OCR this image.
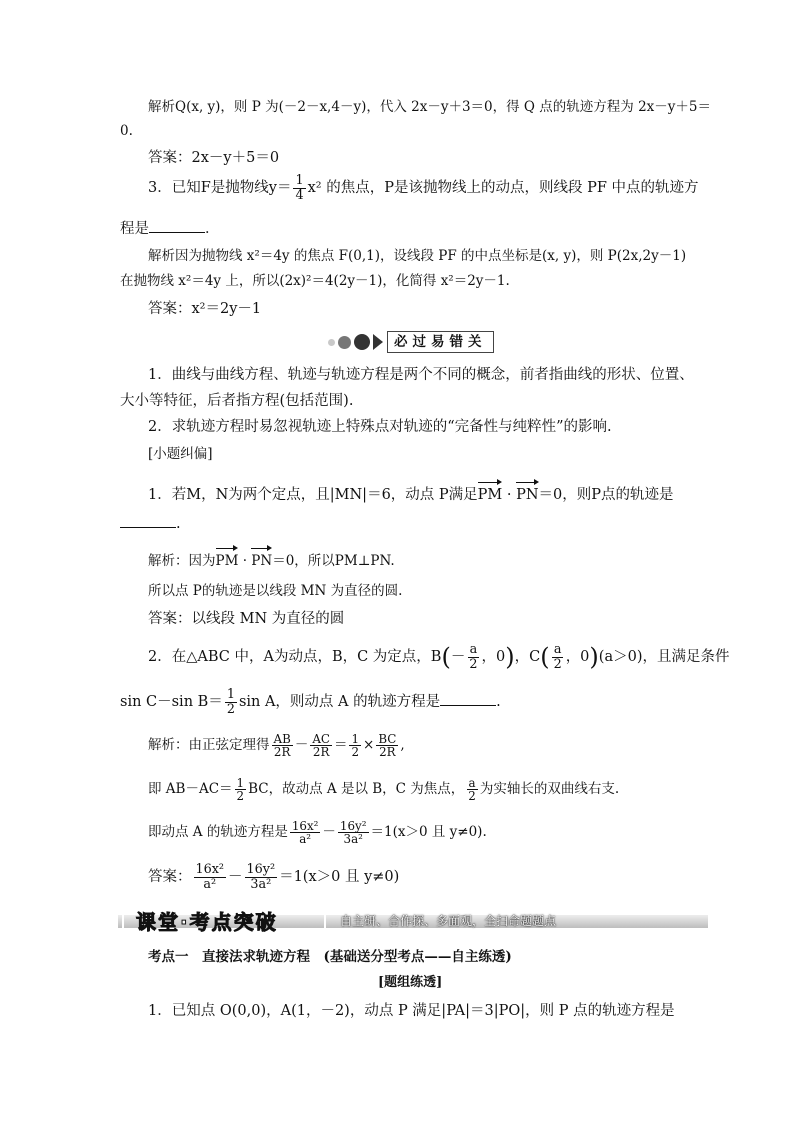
解析Q(x, y)，则 P 为(－2－x,4－y)，代入 2x－y＋3＝0，得 Q 点的轨迹方程为 2x－y＋5＝
0.
答案：2x－y＋5＝0
3．已知F是抛物线$y= \frac{1}{4} x^2$ 的焦点，P是该抛物线上的动点，则线段 PF 中点的轨迹方
程是	．
解析因为抛物线 x²＝4y 的焦点 F(0,1)，设线段 PF 的中点坐标是(x, y)，则 P(2x,2y－1)
在抛物线 x²＝4y 上，所以(2x)²＝4(2y－1)，化简得 x²＝2y－1.
答案：x²＝2y－1
必过易错关
1．曲线与曲线方程、轨迹与轨迹方程是两个不同的概念，前者指曲线的形状、位置、
大小等特征，后者指方程(包括范围).
2．求轨迹方程时易忽视轨迹上特殊点对轨迹的“完备性与纯粹性”的影响.
[小题纠偏]
1．若M，N为两个定点，且|MN|＝6，动点 P满足PM · PN＝0，则P点的轨迹是
.
解析：因为PM · PN＝0，所以PM⊥PN.
所以点 P的轨迹是以线段 MN 为直径的圆.
答案：以线段 MN 为直径的圆
2．在△ABC 中，A为动点，B，C 为定点，$B(- \frac{a}{2}$ ，0)，$C( \frac{a}{2}$ ，0)(a＞0)，且满足条件
sin C－sin $B= \frac{1}{2}$ sin A，则动点 A 的轨迹方程是	.
解析：由正弦定理得 $\frac{AB}{2R} - \frac{AC}{2R} = \frac{1}{2} \times \frac{BC}{2R}$ ,
即 $AB-AC= \frac{1}{2}$ BC，故动点 A 是以 B，C 为焦点， $\frac{a}{2}$ 为实轴长的双曲线右支.
即动点 A 的轨迹方程是 $\frac{\text{16x²}}{\text{a²}} - \frac{\text{16y²}}{\text{3a²}} =1(x>0$ 且 y≠0).
答案： $\frac{\text{16x²}}{\text{a²}} - \frac{\text{16y²}}{\text{3a²}} =1(x>0$ 且 y≠0)
课堂·考点突破	自主研、合作探、多面观，全扫命题题点
考点一　直接法求轨迹方程　(基础送分型考点——自主练透)
[题组练透]
1．已知点 O(0,0)，A(1，－2)，动点 P 满足|PA|＝3|PO|，则 P 点的轨迹方程是
